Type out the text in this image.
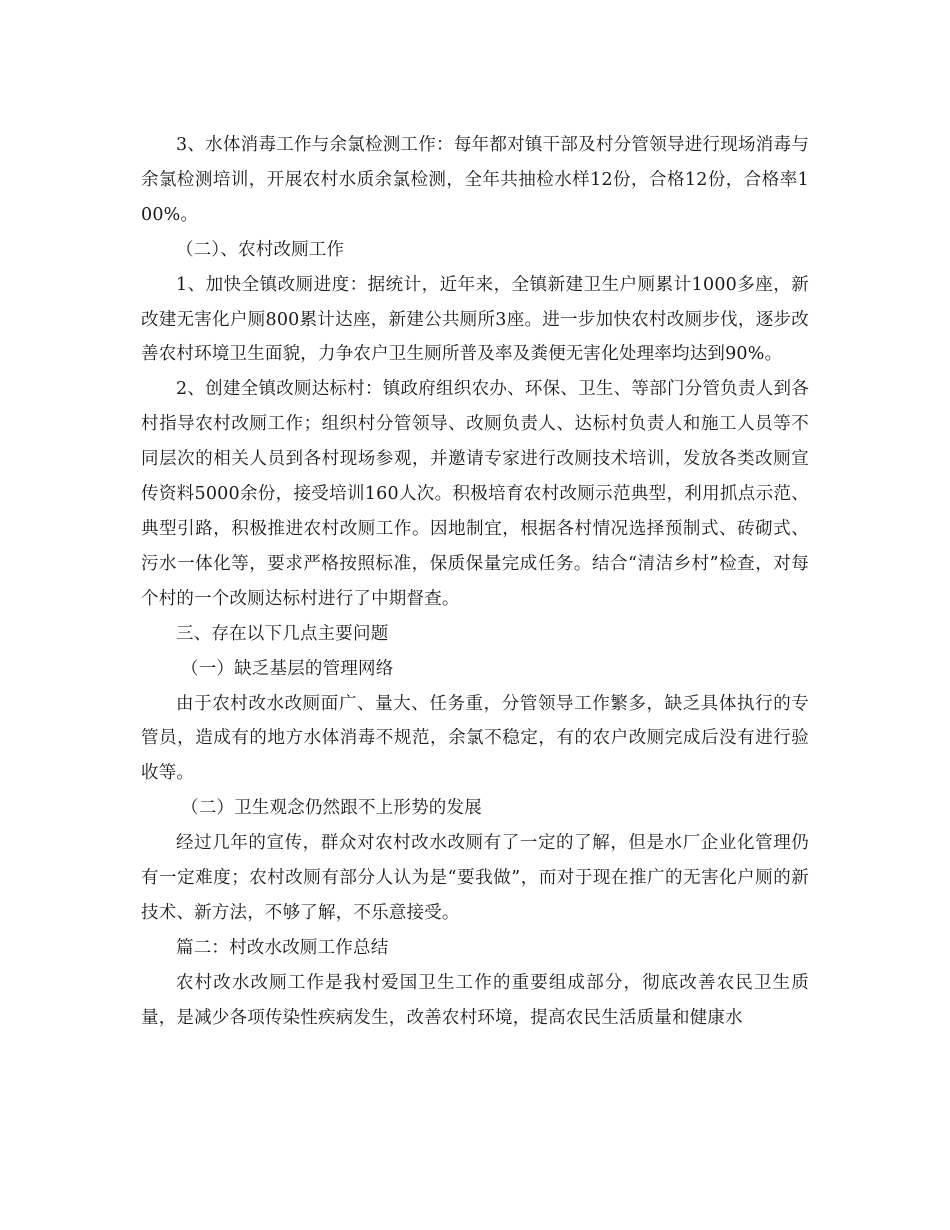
3、水体消毒工作与余氯检测工作：每年都对镇干部及村分管领导进行现场消毒与余氯检测培训，开展农村水质余氯检测，全年共抽检水样12份，合格12份，合格率100%。

（二）、农村改厕工作

1、加快全镇改厕进度：据统计，近年来，全镇新建卫生户厕累计1000多座，新改建无害化户厕800累计达座，新建公共厕所3座。进一步加快农村改厕步伐，逐步改善农村环境卫生面貌，力争农户卫生厕所普及率及粪便无害化处理率均达到90%。

2、创建全镇改厕达标村：镇政府组织农办、环保、卫生、等部门分管负责人到各村指导农村改厕工作；组织村分管领导、改厕负责人、达标村负责人和施工人员等不同层次的相关人员到各村现场参观，并邀请专家进行改厕技术培训，发放各类改厕宣传资料5000余份，接受培训160人次。积极培育农村改厕示范典型，利用抓点示范、典型引路，积极推进农村改厕工作。因地制宜，根据各村情况选择预制式、砖砌式、污水一体化等，要求严格按照标准，保质保量完成任务。结合“清洁乡村”检查，对每个村的一个改厕达标村进行了中期督查。

三、存在以下几点主要问题

（一）缺乏基层的管理网络

由于农村改水改厕面广、量大、任务重，分管领导工作繁多，缺乏具体执行的专管员，造成有的地方水体消毒不规范，余氯不稳定，有的农户改厕完成后没有进行验收等。

（二）卫生观念仍然跟不上形势的发展

经过几年的宣传，群众对农村改水改厕有了一定的了解，但是水厂企业化管理仍有一定难度；农村改厕有部分人认为是“要我做”，而对于现在推广的无害化户厕的新技术、新方法，不够了解，不乐意接受。

篇二：村改水改厕工作总结

农村改水改厕工作是我村爱国卫生工作的重要组成部分，彻底改善农民卫生质量，是减少各项传染性疾病发生，改善农村环境，提高农民生活质量和健康水
